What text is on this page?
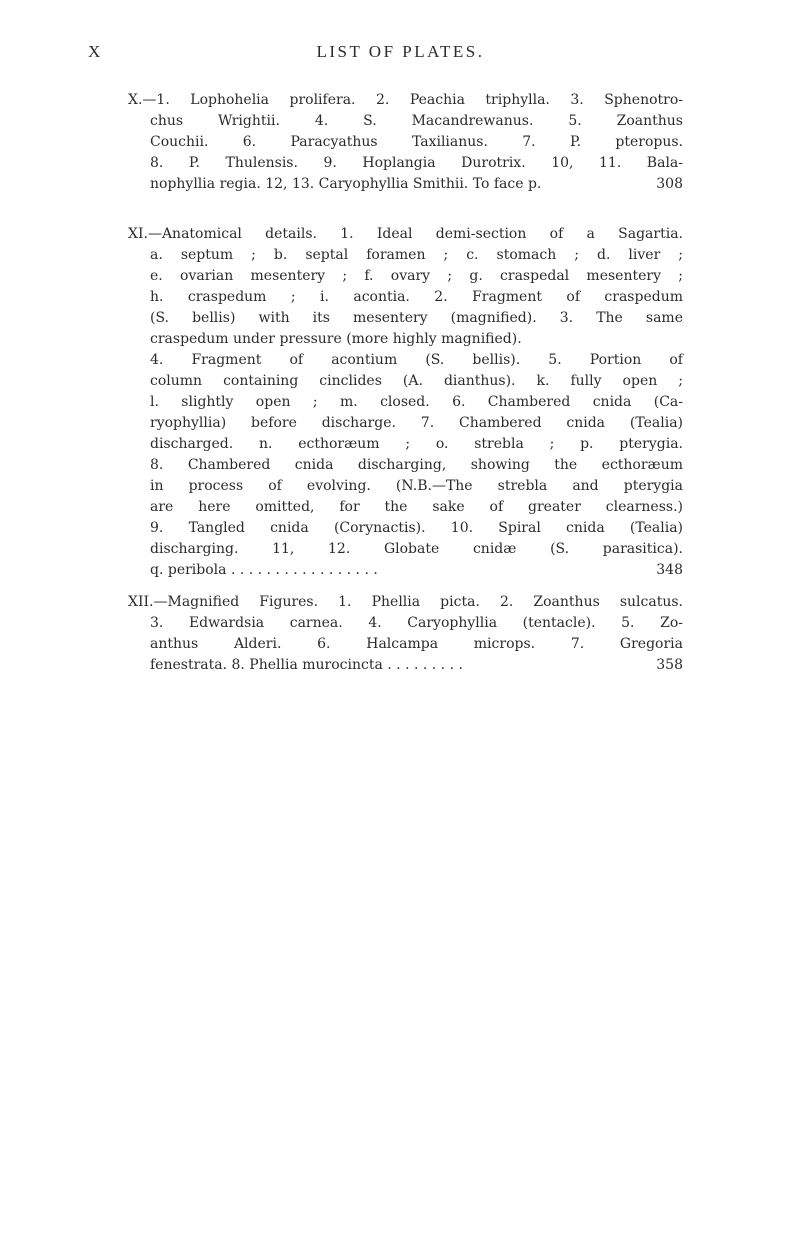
X	LIST OF PLATES.
X.—1. Lophohelia prolifera. 2. Peachia triphylla. 3. Sphenotro-
chus Wrightii. 4. S. Macandrewanus. 5. Zoanthus
Couchii. 6. Paracyathus Taxilianus. 7. P. pteropus.
8. P. Thulensis. 9. Hoplangia Durotrix. 10, 11. Bala-
nophyllia regia. 12, 13. Caryophyllia Smithii. To face p.	308
XI.—Anatomical details. 1. Ideal demi-section of a Sagartia.
a. septum ; b. septal foramen ; c. stomach ; d. liver ;
e. ovarian mesentery ; f. ovary ; g. craspedal mesentery ;
h. craspedum ; i. acontia. 2. Fragment of craspedum
(S. bellis) with its mesentery (magnified). 3. The same
craspedum under pressure (more highly magnified).
4. Fragment of acontium (S. bellis). 5. Portion of
column containing cinclides (A. dianthus). k. fully open ;
l. slightly open ; m. closed. 6. Chambered cnida (Ca-
ryophyllia) before discharge. 7. Chambered cnida (Tealia)
discharged. n. ecthoræum ; o. strebla ; p. pterygia.
8. Chambered cnida discharging, showing the ecthoræum
in process of evolving. (N.B.—The strebla and pterygia
are here omitted, for the sake of greater clearness.)
9. Tangled cnida (Corynactis). 10. Spiral cnida (Tealia)
discharging. 11, 12. Globate cnidæ (S. parasitica).
q. peribola . . . . . . . . . . . . . . . . .	348
XII.—Magnified Figures. 1. Phellia picta. 2. Zoanthus sulcatus.
3. Edwardsia carnea. 4. Caryophyllia (tentacle). 5. Zo-
anthus Alderi. 6. Halcampa microps. 7. Gregoria
fenestrata. 8. Phellia murocincta . . . . . . . . .	358
